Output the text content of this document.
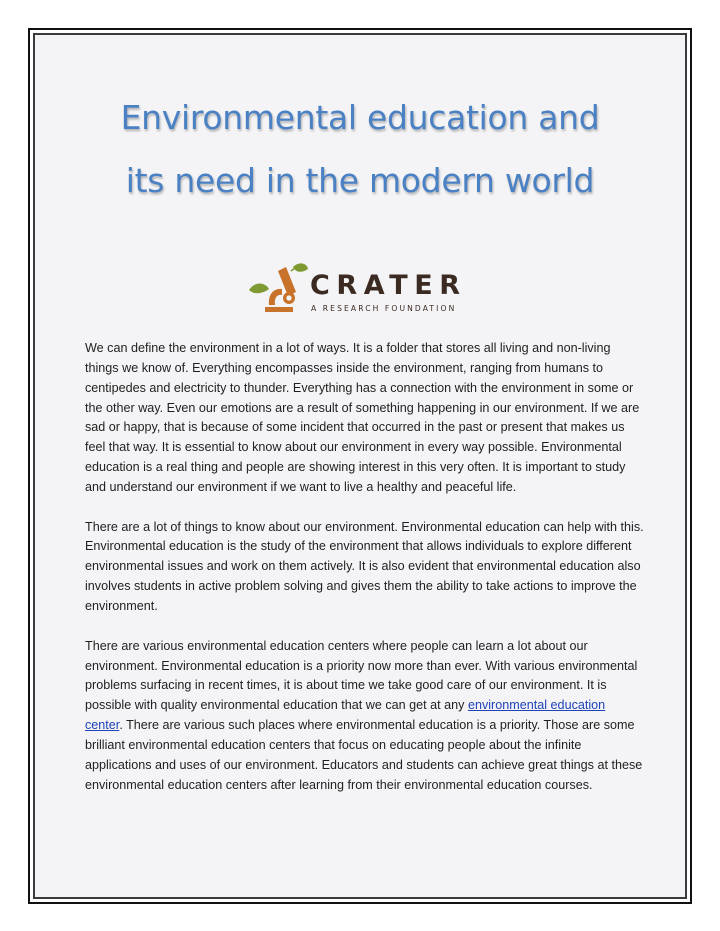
Environmental education and
its need in the modern world
CRATER
A RESEARCH FOUNDATION

We can define the environment in a lot of ways. It is a folder that stores all living and non-living things we know of. Everything encompasses inside the environment, ranging from humans to centipedes and electricity to thunder. Everything has a connection with the environment in some or the other way. Even our emotions are a result of something happening in our environment. If we are sad or happy, that is because of some incident that occurred in the past or present that makes us feel that way. It is essential to know about our environment in every way possible. Environmental education is a real thing and people are showing interest in this very often. It is important to study and understand our environment if we want to live a healthy and peaceful life.

There are a lot of things to know about our environment. Environmental education can help with this. Environmental education is the study of the environment that allows individuals to explore different environmental issues and work on them actively. It is also evident that environmental education also involves students in active problem solving and gives them the ability to take actions to improve the environment.

There are various environmental education centers where people can learn a lot about our environment. Environmental education is a priority now more than ever. With various environmental problems surfacing in recent times, it is about time we take good care of our environment. It is possible with quality environmental education that we can get at any environmental education center. There are various such places where environmental education is a priority. Those are some brilliant environmental education centers that focus on educating people about the infinite applications and uses of our environment. Educators and students can achieve great things at these environmental education centers after learning from their environmental education courses.
